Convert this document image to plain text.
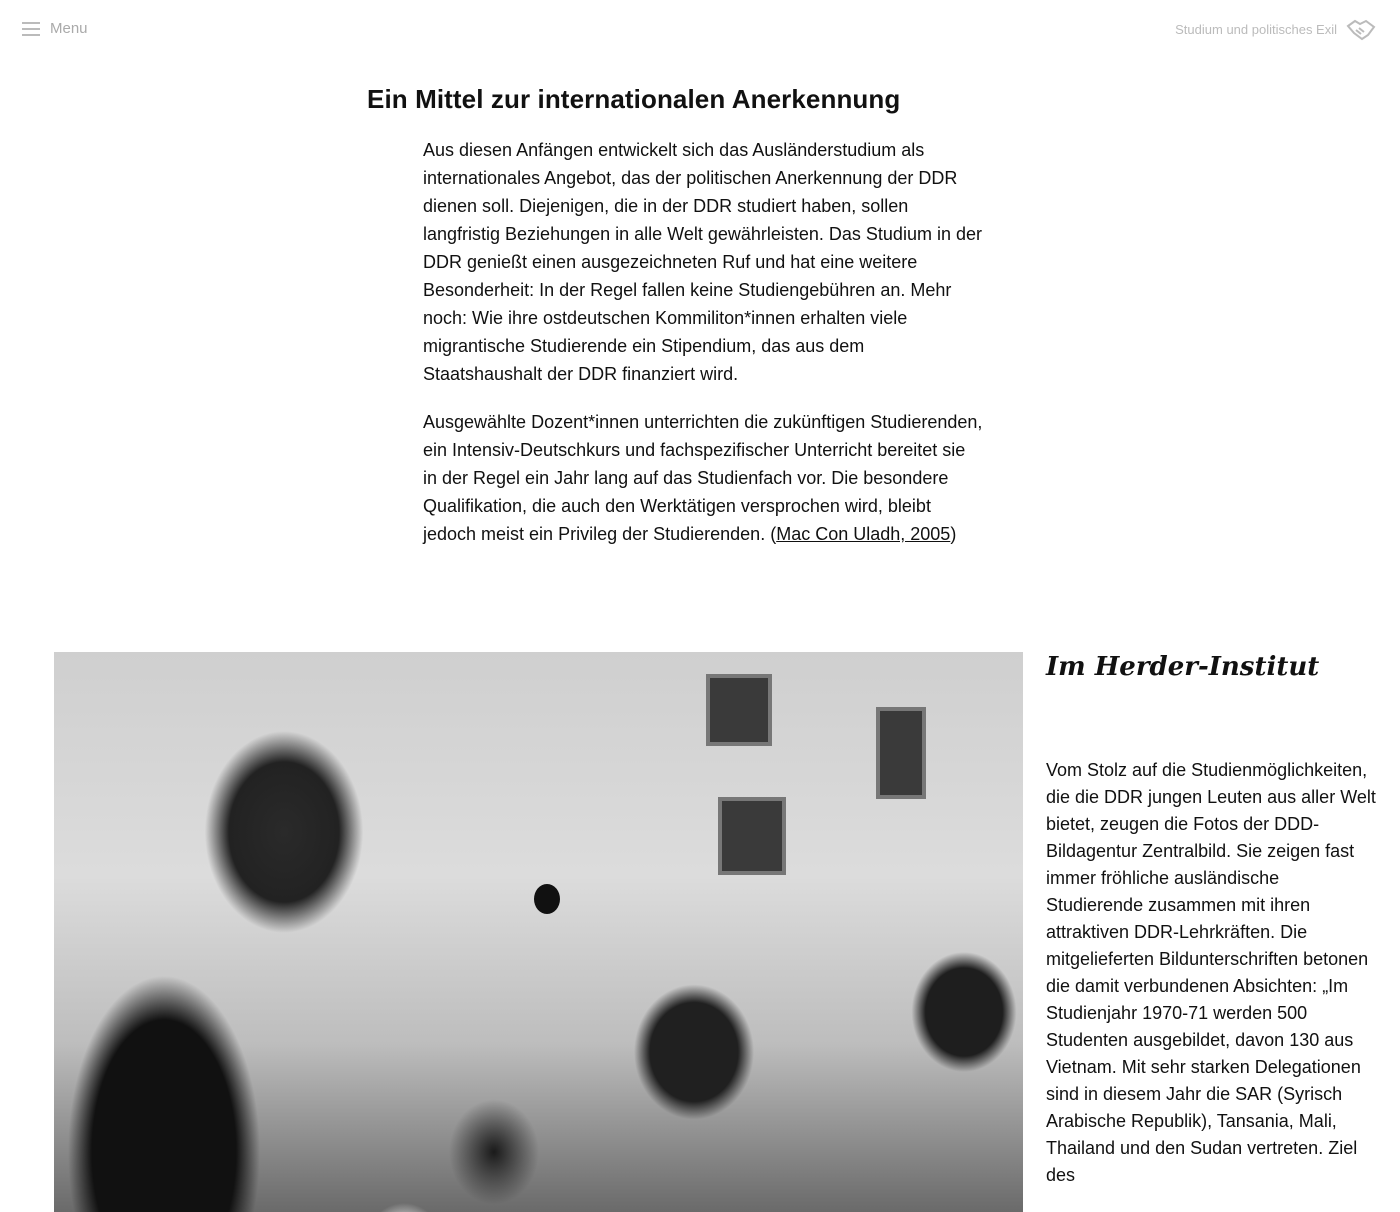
Menu	Studium und politisches Exil
Ein Mittel zur internationalen Anerkennung

Aus diesen Anfängen entwickelt sich das Ausländerstudium als internationales Angebot, das der politischen Anerkennung der DDR dienen soll. Diejenigen, die in der DDR studiert haben, sollen langfristig Beziehungen in alle Welt gewährleisten. Das Studium in der DDR genießt einen ausgezeichneten Ruf und hat eine weitere Besonderheit: In der Regel fallen keine Studiengebühren an. Mehr noch: Wie ihre ostdeutschen Kommiliton*innen erhalten viele migrantische Studierende ein Stipendium, das aus dem Staatshaushalt der DDR finanziert wird.

Ausgewählte Dozent*innen unterrichten die zukünftigen Studierenden, ein Intensiv-Deutschkurs und fachspezifischer Unterricht bereitet sie in der Regel ein Jahr lang auf das Studienfach vor. Die besondere Qualifikation, die auch den Werktätigen versprochen wird, bleibt jedoch meist ein Privileg der Studierenden. (Mac Con Uladh, 2005)

Im Herder-Institut

Vom Stolz auf die Studienmöglichkeiten, die die DDR jungen Leuten aus aller Welt bietet, zeugen die Fotos der DDD-Bildagentur Zentralbild. Sie zeigen fast immer fröhliche ausländische Studierende zusammen mit ihren attraktiven DDR-Lehrkräften. Die mitgelieferten Bildunterschriften betonen die damit verbundenen Absichten: „Im Studienjahr 1970-71 werden 500 Studenten ausgebildet, davon 130 aus Vietnam. Mit sehr starken Delegationen sind in diesem Jahr die SAR (Syrisch Arabische Republik), Tansania, Mali, Thailand und den Sudan vertreten. Ziel des
